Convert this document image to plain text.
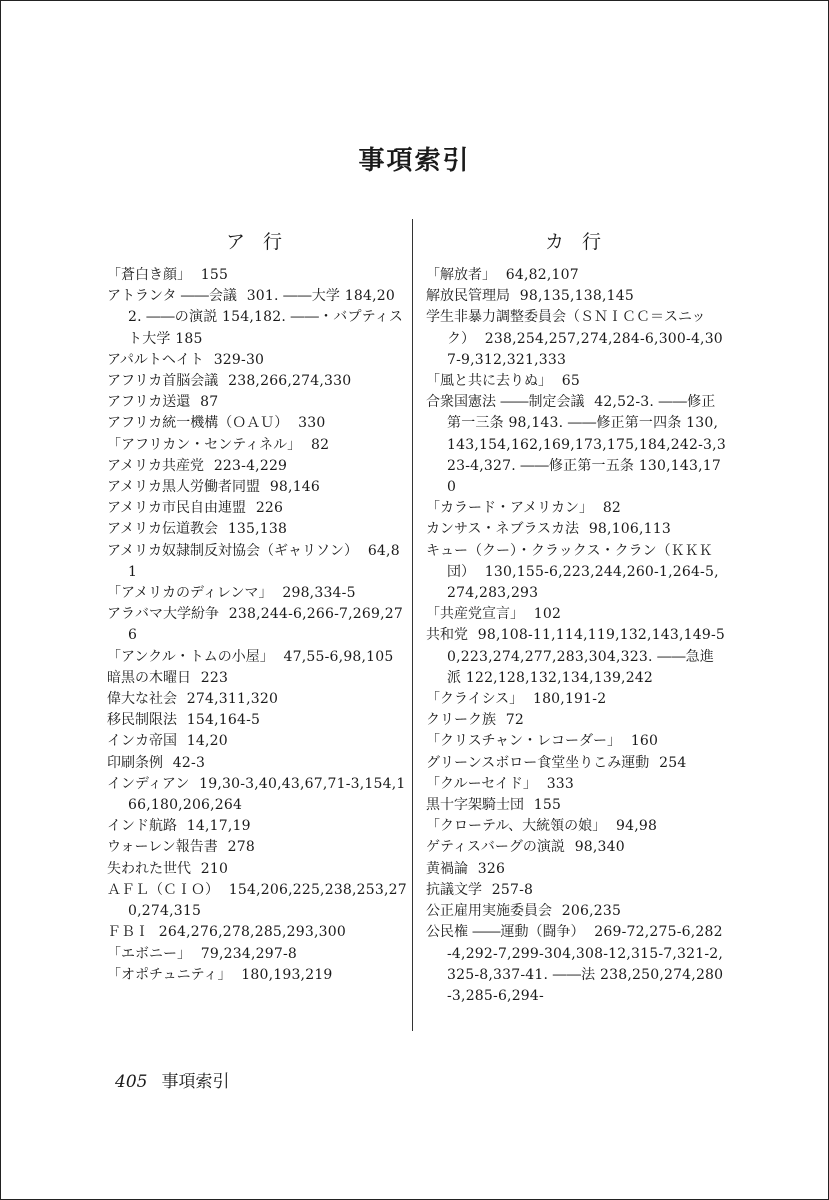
事項索引
ア 行
「蒼白き顔」 155
アトランタ ――会議 301. ――大学 184,202. ――の演説 154,182. ――・バプティスト大学 185
アパルトヘイト 329-30
アフリカ首脳会議 238,266,274,330
アフリカ送還 87
アフリカ統一機構（ＯＡＵ） 330
「アフリカン・センティネル」 82
アメリカ共産党 223-4,229
アメリカ黒人労働者同盟 98,146
アメリカ市民自由連盟 226
アメリカ伝道教会 135,138
アメリカ奴隷制反対協会（ギャリソン） 64,81
「アメリカのディレンマ」 298,334-5
アラバマ大学紛争 238,244-6,266-7,269,276
「アンクル・トムの小屋」 47,55-6,98,105
暗黒の木曜日 223
偉大な社会 274,311,320
移民制限法 154,164-5
インカ帝国 14,20
印刷条例 42-3
インディアン 19,30-3,40,43,67,71-3,154,166,180,206,264
インド航路 14,17,19
ウォーレン報告書 278
失われた世代 210
ＡＦＬ（ＣＩＯ） 154,206,225,238,253,270,274,315
ＦＢＩ 264,276,278,285,293,300
「エボニー」 79,234,297-8
「オポチュニティ」 180,193,219
カ 行
「解放者」 64,82,107
解放民管理局 98,135,138,145
学生非暴力調整委員会（ＳＮＩＣＣ＝スニック） 238,254,257,274,284-6,300-4,307-9,312,321,333
「風と共に去りぬ」 65
合衆国憲法 ――制定会議 42,52-3. ――修正第一三条 98,143. ――修正第一四条 130,143,154,162,169,173,175,184,242-3,323-4,327. ――修正第一五条 130,143,170
「カラード・アメリカン」 82
カンサス・ネブラスカ法 98,106,113
キュー（クー）・クラックス・クラン（ＫＫＫ団） 130,155-6,223,244,260-1,264-5,274,283,293
「共産党宣言」 102
共和党 98,108-11,114,119,132,143,149-50,223,274,277,283,304,323. ――急進派 122,128,132,134,139,242
「クライシス」 180,191-2
クリーク族 72
「クリスチャン・レコーダー」 160
グリーンスボロー食堂坐りこみ運動 254
「クルーセイド」 333
黒十字架騎士団 155
「クローテル、大統領の娘」 94,98
ゲティスバーグの演説 98,340
黄禍論 326
抗議文学 257-8
公正雇用実施委員会 206,235
公民権 ――運動（闘争） 269-72,275-6,282-4,292-7,299-304,308-12,315-7,321-2,325-8,337-41. ――法 238,250,274,280-3,285-6,294-
405 事項索引
